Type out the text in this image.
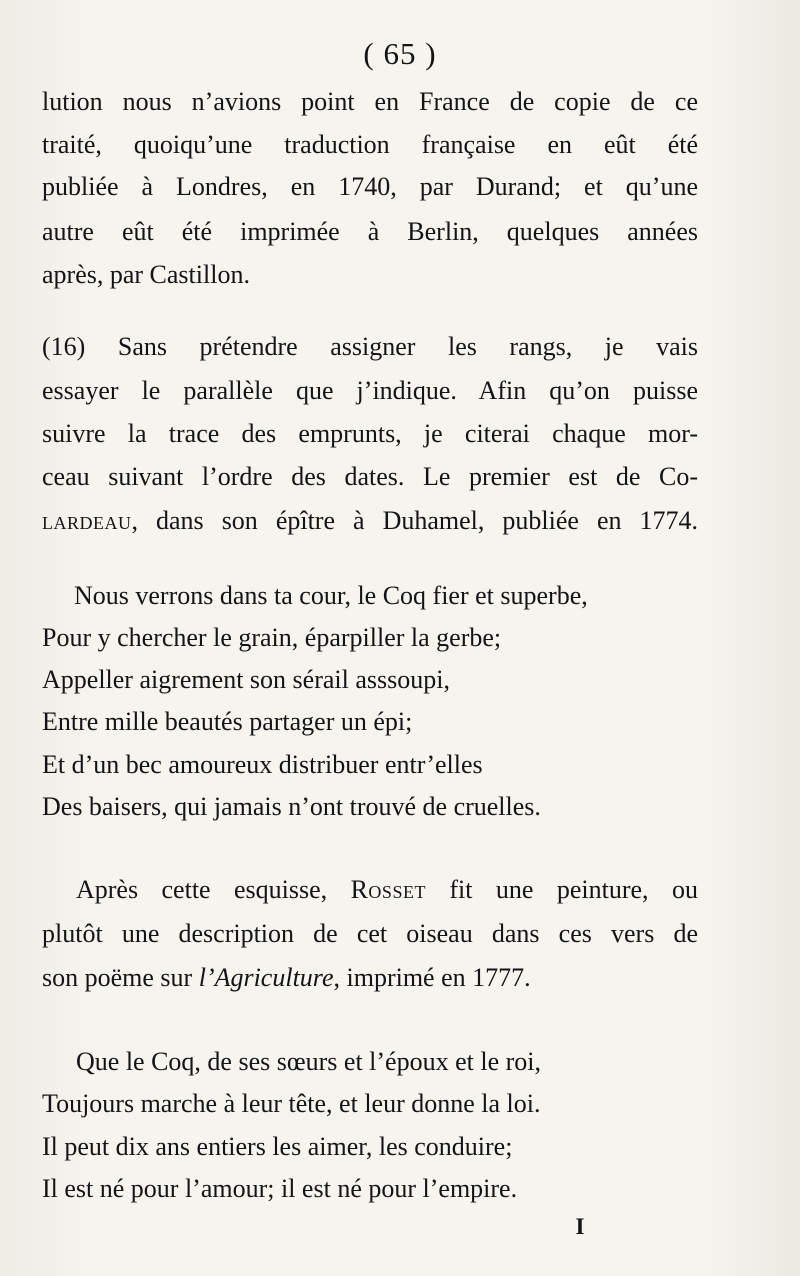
( 65 )
lution nous n’avions point en France de copie de ce
traité, quoiqu’une traduction française en eût été
publiée à Londres, en 1740, par Durand; et qu’une
autre eût été imprimée à Berlin, quelques années
après, par Castillon.
(16) Sans prétendre assigner les rangs, je vais
essayer le parallèle que j’indique. Afin qu’on puisse
suivre la trace des emprunts, je citerai chaque mor-
ceau suivant l’ordre des dates. Le premier est de Co-
lardeau, dans son épître à Duhamel, publiée en 1774.
Nous verrons dans ta cour, le Coq fier et superbe,
Pour y chercher le grain, éparpiller la gerbe;
Appeller aigrement son sérail asssoupi,
Entre mille beautés partager un épi;
Et d’un bec amoureux distribuer entr’elles
Des baisers, qui jamais n’ont trouvé de cruelles.
Après cette esquisse, Rosset fit une peinture, ou
plutôt une description de cet oiseau dans ces vers de
son poëme sur l’Agriculture, imprimé en 1777.
Que le Coq, de ses sœurs et l’époux et le roi,
Toujours marche à leur tête, et leur donne la loi.
Il peut dix ans entiers les aimer, les conduire;
Il est né pour l’amour; il est né pour l’empire.
I
